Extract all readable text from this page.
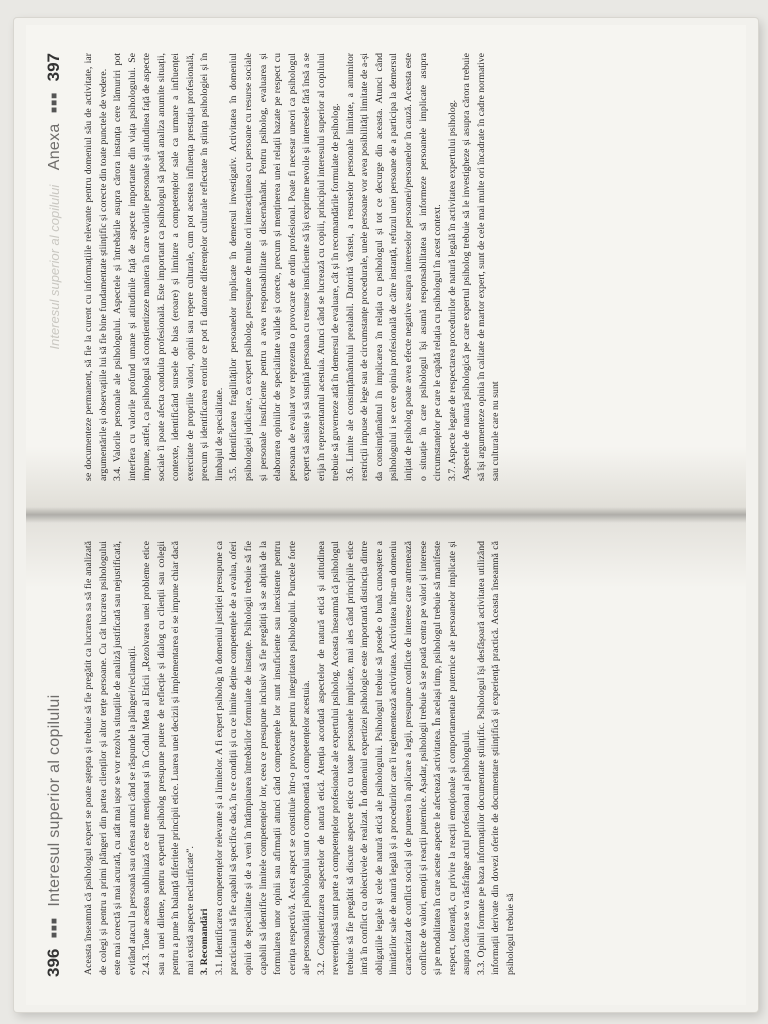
396 ■■■ Interesul superior al copilului	Aceasta înseamnă că psihologul expert se poate aștepta și trebuie să fie pregătit ca lucrarea sa să fie analizată de colegi și pentru a primi plângeri din partea clienților și altor terțe persoane. Cu cât lucrarea psihologului este mai corectă și mai acurată, cu atât mai ușor se vor rezolva situațiile de analiză justificată sau nejustificată, evitând atacul la persoană sau ofensa atunci când se răspunde la plângeri/reclamații. 2.4.3. Toate acestea subliniază ce este menționat și în Codul Meta al Eticii „Rezolvarea unei probleme etice sau a unei dileme, pentru expertul psiholog presupune putere de reflecție și dialog cu clienții sau colegii pentru a pune în balanță diferitele principii etice. Luarea unei decizii și implementarea ei se impune chiar dacă mai există aspecte neclarificate”. 3. Recomandări 3.1. Identificarea competențelor relevante și a limitelor. A fi expert psiholog în domeniul justiției presupune ca practicianul să fie capabil să specifice dacă, în ce condiții și cu ce limite deține competențele de a evalua, oferi opinii de specialitate și de a veni în întâmpinarea întrebărilor formulate de instanțe. Psihologii trebuie să fie capabili să identifice limitele competențelor lor, ceea ce presupune inclusiv să fie pregătiți să se abțină de la formularea unor opinii sau afirmații atunci când competențele lor sunt insuficiente sau inexistente pentru cerința respectivă. Acest aspect se constituie într-o provocare pentru integritatea psihologului. Punctele forte ale personalității psihologului sunt o componentă a competențelor acestuia. 3.2. Conștientizarea aspectelor de natură etică. Atenția acordată aspectelor de natură etică și atitudinea reverențioasă sunt parte a competențelor profesionale ale expertului psiholog. Aceasta înseamnă că psihologul trebuie să fie pregătit să discute aspecte etice cu toate persoanele implicate, mai ales când principiile etice intră în conflict cu obiectivele de realizat. În domeniul expertizei psihologice este importantă distincția dintre obligațiile legale și cele de natură etică ale psihologului. Psihologul trebuie să posede o bună cunoaștere a limitărilor sale de natură legală și a procedurilor care îi reglementează activitatea. Activitatea într-un domeniu caracterizat de conflict social și de punerea în aplicare a legii, presupune conflicte de interese care antrenează conflicte de valori, emoții și reacții puternice. Așadar, psihologii trebuie să se poată centra pe valori și interese și pe modalitatea în care aceste aspecte le afectează activitatea. În același timp, psihologul trebuie să manifeste respect, toleranță, cu privire la reacții emoționale și comportamentale puternice ale persoanelor implicate și asupra cărora se va răsfrânge actul profesional al psihologului. 3.3. Opinii formate pe baza informațiilor documentate științific. Psihologul își desfășoară activitatea utilizând informații derivate din dovezi oferite de documentare științifică și experiență practică. Aceasta înseamnă că psihologul trebuie să

Interesul superior al copilului Anexa ■■■ 397	se documenteze permanent, să fie la curent cu informațiile relevante pentru domeniul său de activitate, iar argumentările și observațiile lui să fie bine fundamentate științific și corecte din toate punctele de vedere. 3.4. Valorile personale ale psihologului. Aspectele și întrebările asupra cărora instanța cere lămuriri pot interfera cu valorile profund umane și atitudinile față de aspecte importante din viața psihologului. Se impune, astfel, ca psihologul să conștientizeze maniera în care valorile personale și atitudinea față de aspecte sociale îi poate afecta conduita profesională. Este important ca psihologul să poată analiza anumite situații, contexte, identificând sursele de bias (eroare) și limitare a competențelor sale ca urmare a influenței exercitate de propriile valori, opinii sau repere culturale, cum pot acestea influența prestația profesională, precum și identificarea erorilor ce pot fi datorate diferențelor culturale reflectate în știința psihologiei și în limbajul de specialitate. 3.5. Identificarea fragilităților persoanelor implicate în demersul investigativ. Activitatea în domeniul psihologiei judiciare, ca expert psiholog, presupune de multe ori interacțiunea cu persoane cu resurse sociale și personale insuficiente pentru a avea responsabilitate și discernământ. Pentru psiholog, evaluarea și elaborarea opiniilor de specialitate valide și corecte, precum și menținerea unei relații bazate pe respect cu persoana de evaluat vor reprezenta o provocare de ordin profesional. Poate fi necesar uneori ca psihologul expert să asiste și să susțină persoana cu resurse insuficiente să își exprime nevoile și interesele fără însă a se erija în reprezentantul acestuia. Atunci când se lucrează cu copiii, principiul interesului superior al copilului trebuie să guverneze atât în demersul de evaluare, cât și în recomandările formulate de psiholog. 3.6. Limite ale consimțământului prealabil. Datorită vârstei, a resurselor personale limitate, a anumitor restricții impuse de lege sau de circumstanțe procedurale, unele persoane vor avea posibilități limitate de a-și da consimțământul în implicarea în relația cu psihologul și tot ce decurge din aceasta. Atunci când psihologului i se cere opinia profesională de către instanță, refuzul unei persoane de a participa la demersul inițiat de psiholog poate avea efecte negative asupra intereselor persoanei/persoanelor în cauză. Aceasta este o situație în care psihologul își asumă responsabilitatea să informeze persoanele implicate asupra circumstanțelor pe care le capătă relația cu psihologul în acest context. 3.7. Aspecte legate de respectarea procedurilor de natură legală în activitatea expertului psiholog. Aspectele de natură psihologică pe care expertul psiholog trebuie să le investigheze și asupra cărora trebuie să își argumenteze opinia în calitate de martor expert, sunt de cele mai multe ori încadrate în cadre normative sau culturale care nu sunt
